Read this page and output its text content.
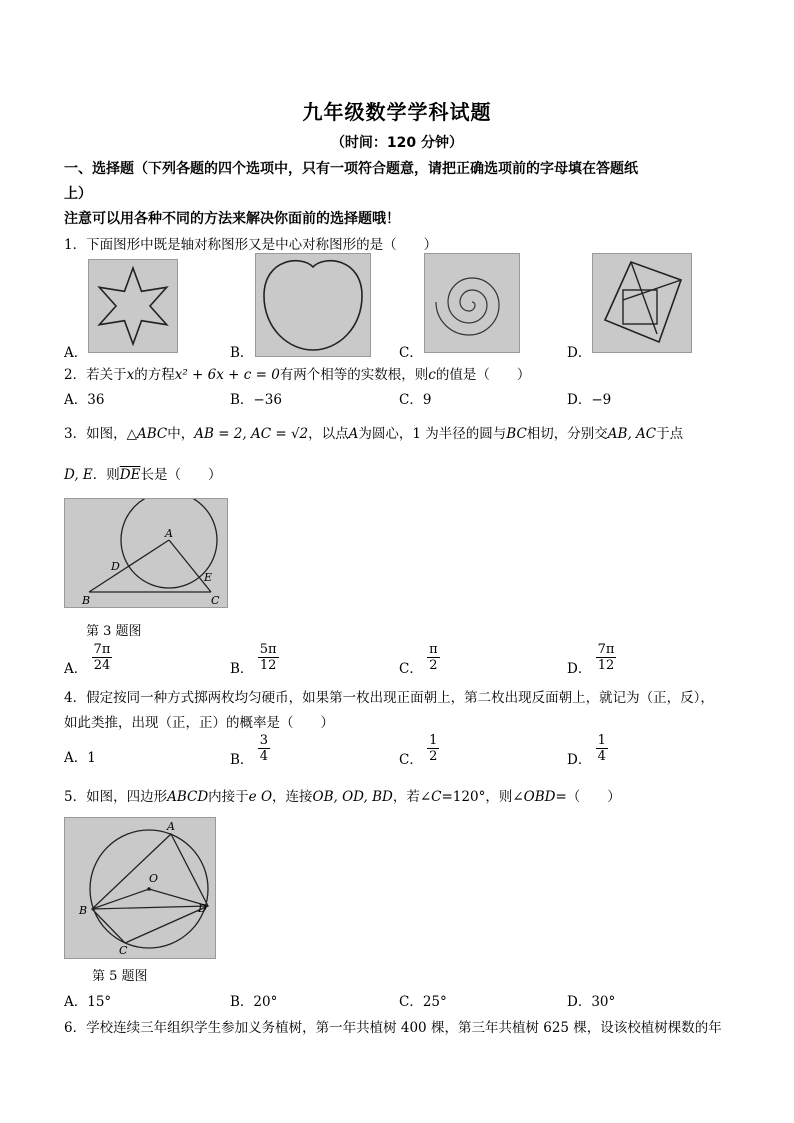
九年级数学学科试题
（时间：120 分钟）
一、选择题（下列各题的四个选项中，只有一项符合题意，请把正确选项前的字母填在答题纸
上）
注意可以用各种不同的方法来解决你面前的选择题哦！
1．下面图形中既是轴对称图形又是中心对称图形的是（　　）
A．	B．	C．	D．
2．若关于x的方程x² + 6x + c = 0有两个相等的实数根，则c的值是（　　）
A．36	B．−36	C．9	D．−9
3．如图，△ABC中，AB = 2, AC = √2，以点A为圆心，1 为半径的圆与BC相切，分别交AB, AC于点
D, E．则$\overline{DE}$长是（　　）
A
D
E
B	C
第 3 题图
A． $\frac{7\pi}{24}$	B． $\frac{5\pi}{12}$	C． $\frac{\pi}{2}$	D． $\frac{7\pi}{12}$
4．假定按同一种方式掷两枚均匀硬币，如果第一枚出现正面朝上，第二枚出现反面朝上，就记为（正，反），
如此类推，出现（正，正）的概率是（　　）
A．1	B． $\frac{3}{4}$	C． $\frac{1}{2}$	D． $\frac{1}{4}$
5．如图，四边形ABCD内接于e O，连接OB, OD, BD，若∠C=120°，则∠OBD=（　　）
A
O
B	D
C
第 5 题图
A．15°	B．20°	C．25°	D．30°
6．学校连续三年组织学生参加义务植树，第一年共植树 400 棵，第三年共植树 625 棵，设该校植树棵数的年
